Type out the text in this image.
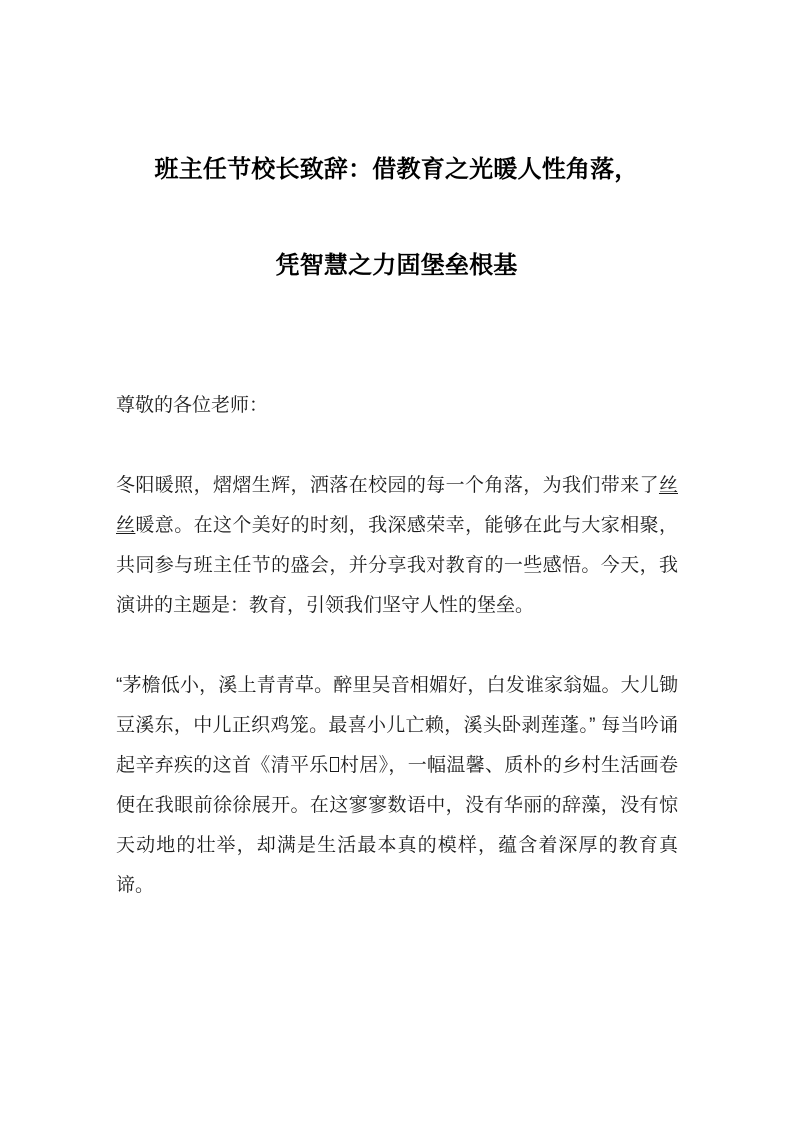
班主任节校长致辞：借教育之光暖人性角落，
凭智慧之力固堡垒根基

尊敬的各位老师：

冬阳暖照，熠熠生辉，洒落在校园的每一个角落，为我们带来了丝丝暖意。在这个美好的时刻，我深感荣幸，能够在此与大家相聚，共同参与班主任节的盛会，并分享我对教育的一些感悟。今天，我演讲的主题是：教育，引领我们坚守人性的堡垒。

“茅檐低小，溪上青青草。醉里吴音相媚好，白发谁家翁媪。大儿锄豆溪东，中儿正织鸡笼。最喜小儿亡赖，溪头卧剥莲蓬。” 每当吟诵起辛弃疾的这首《清平乐 村居》，一幅温馨、质朴的乡村生活画卷便在我眼前徐徐展开。在这寥寥数语中，没有华丽的辞藻，没有惊天动地的壮举，却满是生活最本真的模样，蕴含着深厚的教育真谛。
